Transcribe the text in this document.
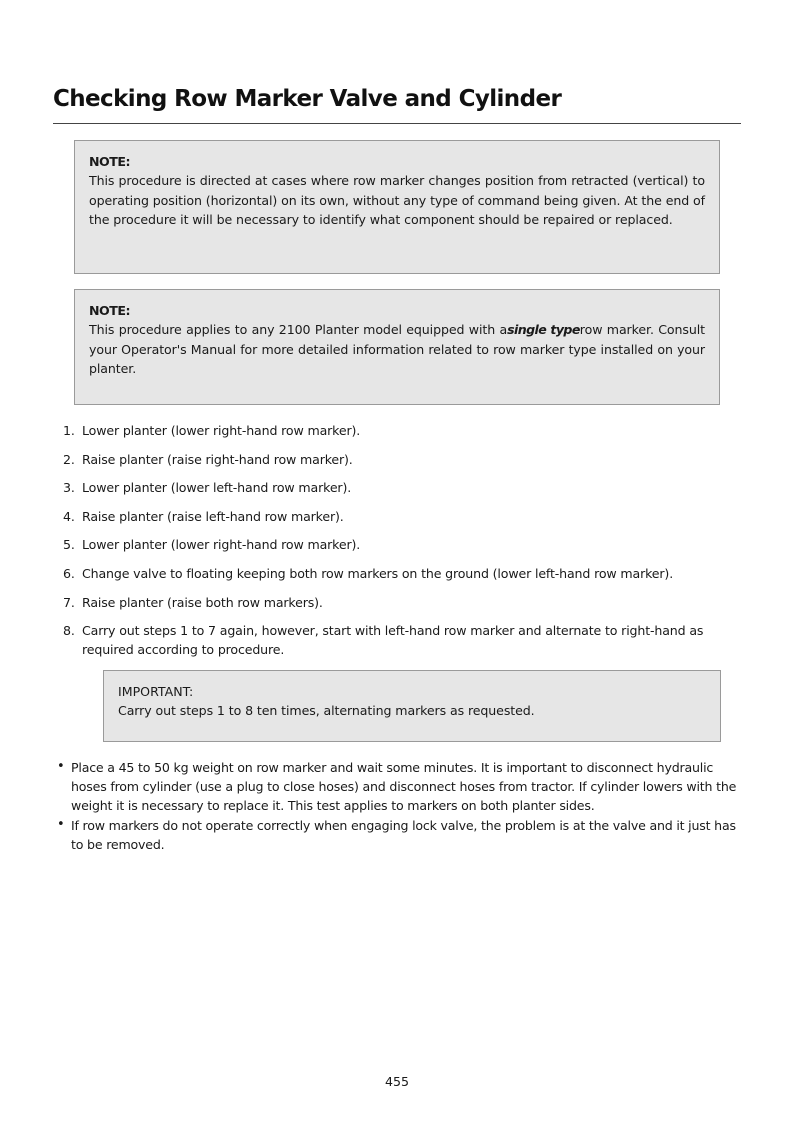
Checking Row Marker Valve and Cylinder
NOTE:
This procedure is directed at cases where row marker changes position from retracted (vertical) to operating position (horizontal) on its own, without any type of command being given. At the end of the procedure it will be necessary to identify what component should be repaired or replaced.
NOTE:
This procedure applies to any 2100 Planter model equipped with asingle typerow marker. Consult your Operator's Manual for more detailed information related to row marker type installed on your planter.
1. Lower planter (lower right-hand row marker).
2. Raise planter (raise right-hand row marker).
3. Lower planter (lower left-hand row marker).
4. Raise planter (raise left-hand row marker).
5. Lower planter (lower right-hand row marker).
6. Change valve to floating keeping both row markers on the ground (lower left-hand row marker).
7. Raise planter (raise both row markers).
8. Carry out steps 1 to 7 again, however, start with left-hand row marker and alternate to right-hand as required according to procedure.
IMPORTANT:
Carry out steps 1 to 8 ten times, alternating markers as requested.
• Place a 45 to 50 kg weight on row marker and wait some minutes. It is important to disconnect hydraulic hoses from cylinder (use a plug to close hoses) and disconnect hoses from tractor. If cylinder lowers with the weight it is necessary to replace it. This test applies to markers on both planter sides.
• If row markers do not operate correctly when engaging lock valve, the problem is at the valve and it just has to be removed.
455
